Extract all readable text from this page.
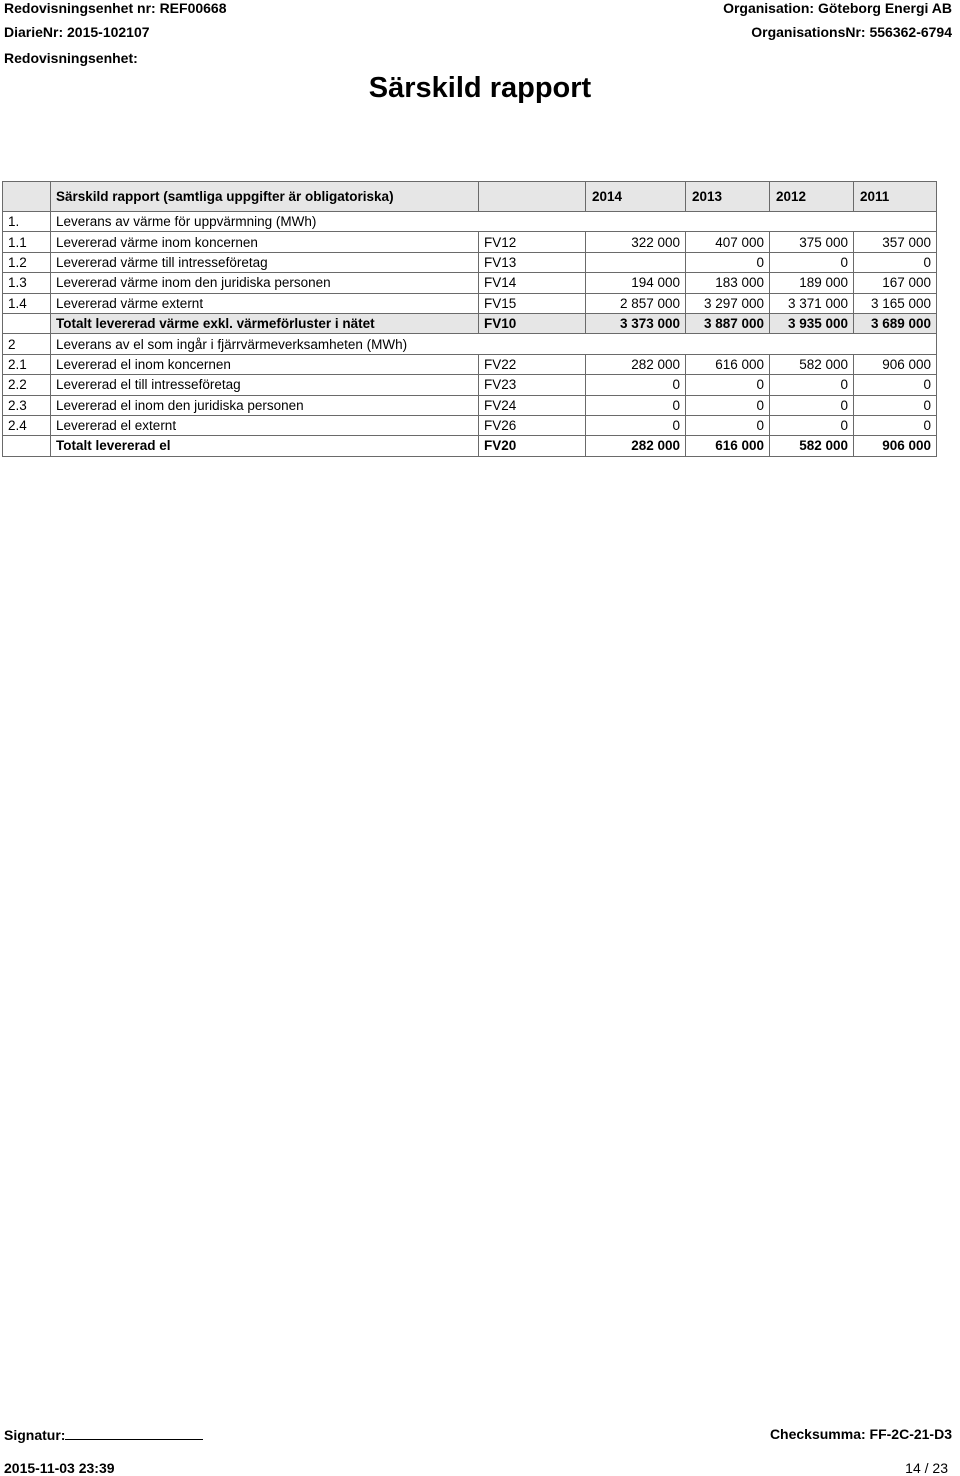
Redovisningsenhet nr: REF00668
DiarieNr: 2015-102107
Redovisningsenhet:
Organisation: Göteborg Energi AB
OrganisationsNr: 556362-6794
Särskild rapport
	Särskild rapport (samtliga uppgifter är obligatoriska)		2014	2013	2012	2011
1.	Leverans av värme för uppvärmning (MWh)					
1.1	Levererad värme inom koncernen	FV12	322 000	407 000	375 000	357 000
1.2	Levererad värme till intresseföretag	FV13		0	0	0
1.3	Levererad värme inom den juridiska personen	FV14	194 000	183 000	189 000	167 000
1.4	Levererad värme externt	FV15	2 857 000	3 297 000	3 371 000	3 165 000
	Totalt levererad värme exkl. värmeförluster i nätet	FV10	3 373 000	3 887 000	3 935 000	3 689 000
2	Leverans av el som ingår i fjärrvärmeverksamheten (MWh)					
2.1	Levererad el inom koncernen	FV22	282 000	616 000	582 000	906 000
2.2	Levererad el till intresseföretag	FV23	0	0	0	0
2.3	Levererad el inom den juridiska personen	FV24	0	0	0	0
2.4	Levererad el externt	FV26	0	0	0	0
	Totalt levererad el	FV20	282 000	616 000	582 000	906 000
Signatur:	Checksumma: FF-2C-21-D3
2015-11-03 23:39	14 / 23
